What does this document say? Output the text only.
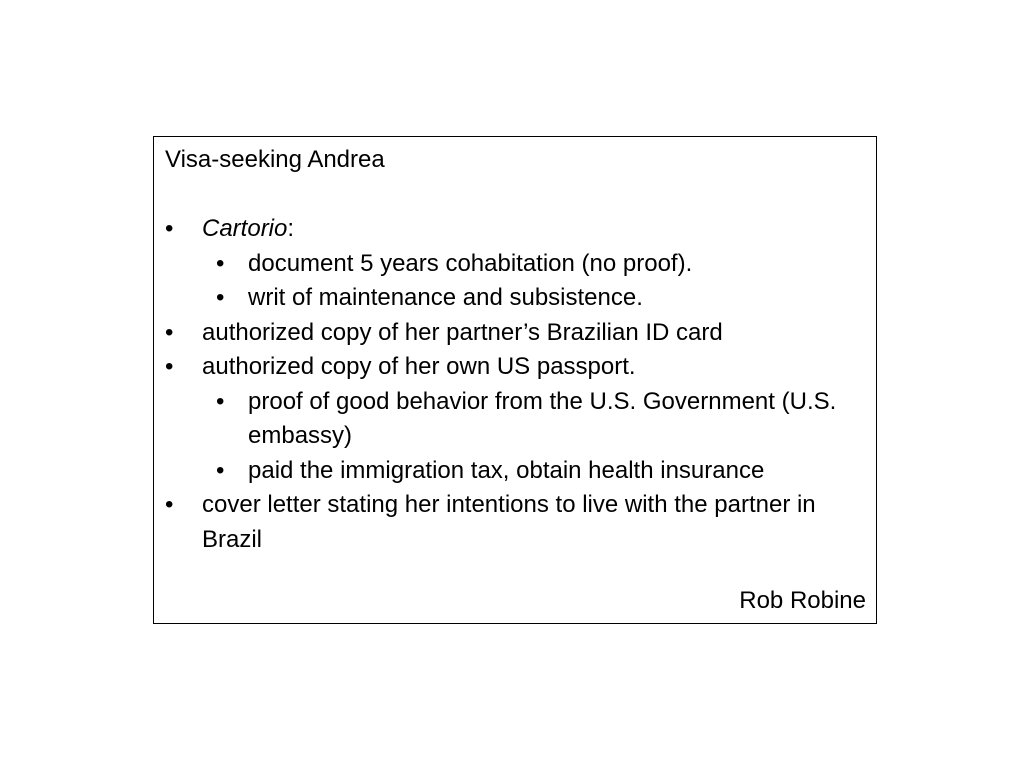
Visa-seeking Andrea
• Cartorio:
• document 5 years cohabitation (no proof).
• writ of maintenance and subsistence.
• authorized copy of her partner’s Brazilian ID card
• authorized copy of her own US passport.
• proof of good behavior from the U.S. Government (U.S. embassy)
• paid the immigration tax, obtain health insurance
• cover letter stating her intentions to live with the partner in Brazil
Rob Robine
